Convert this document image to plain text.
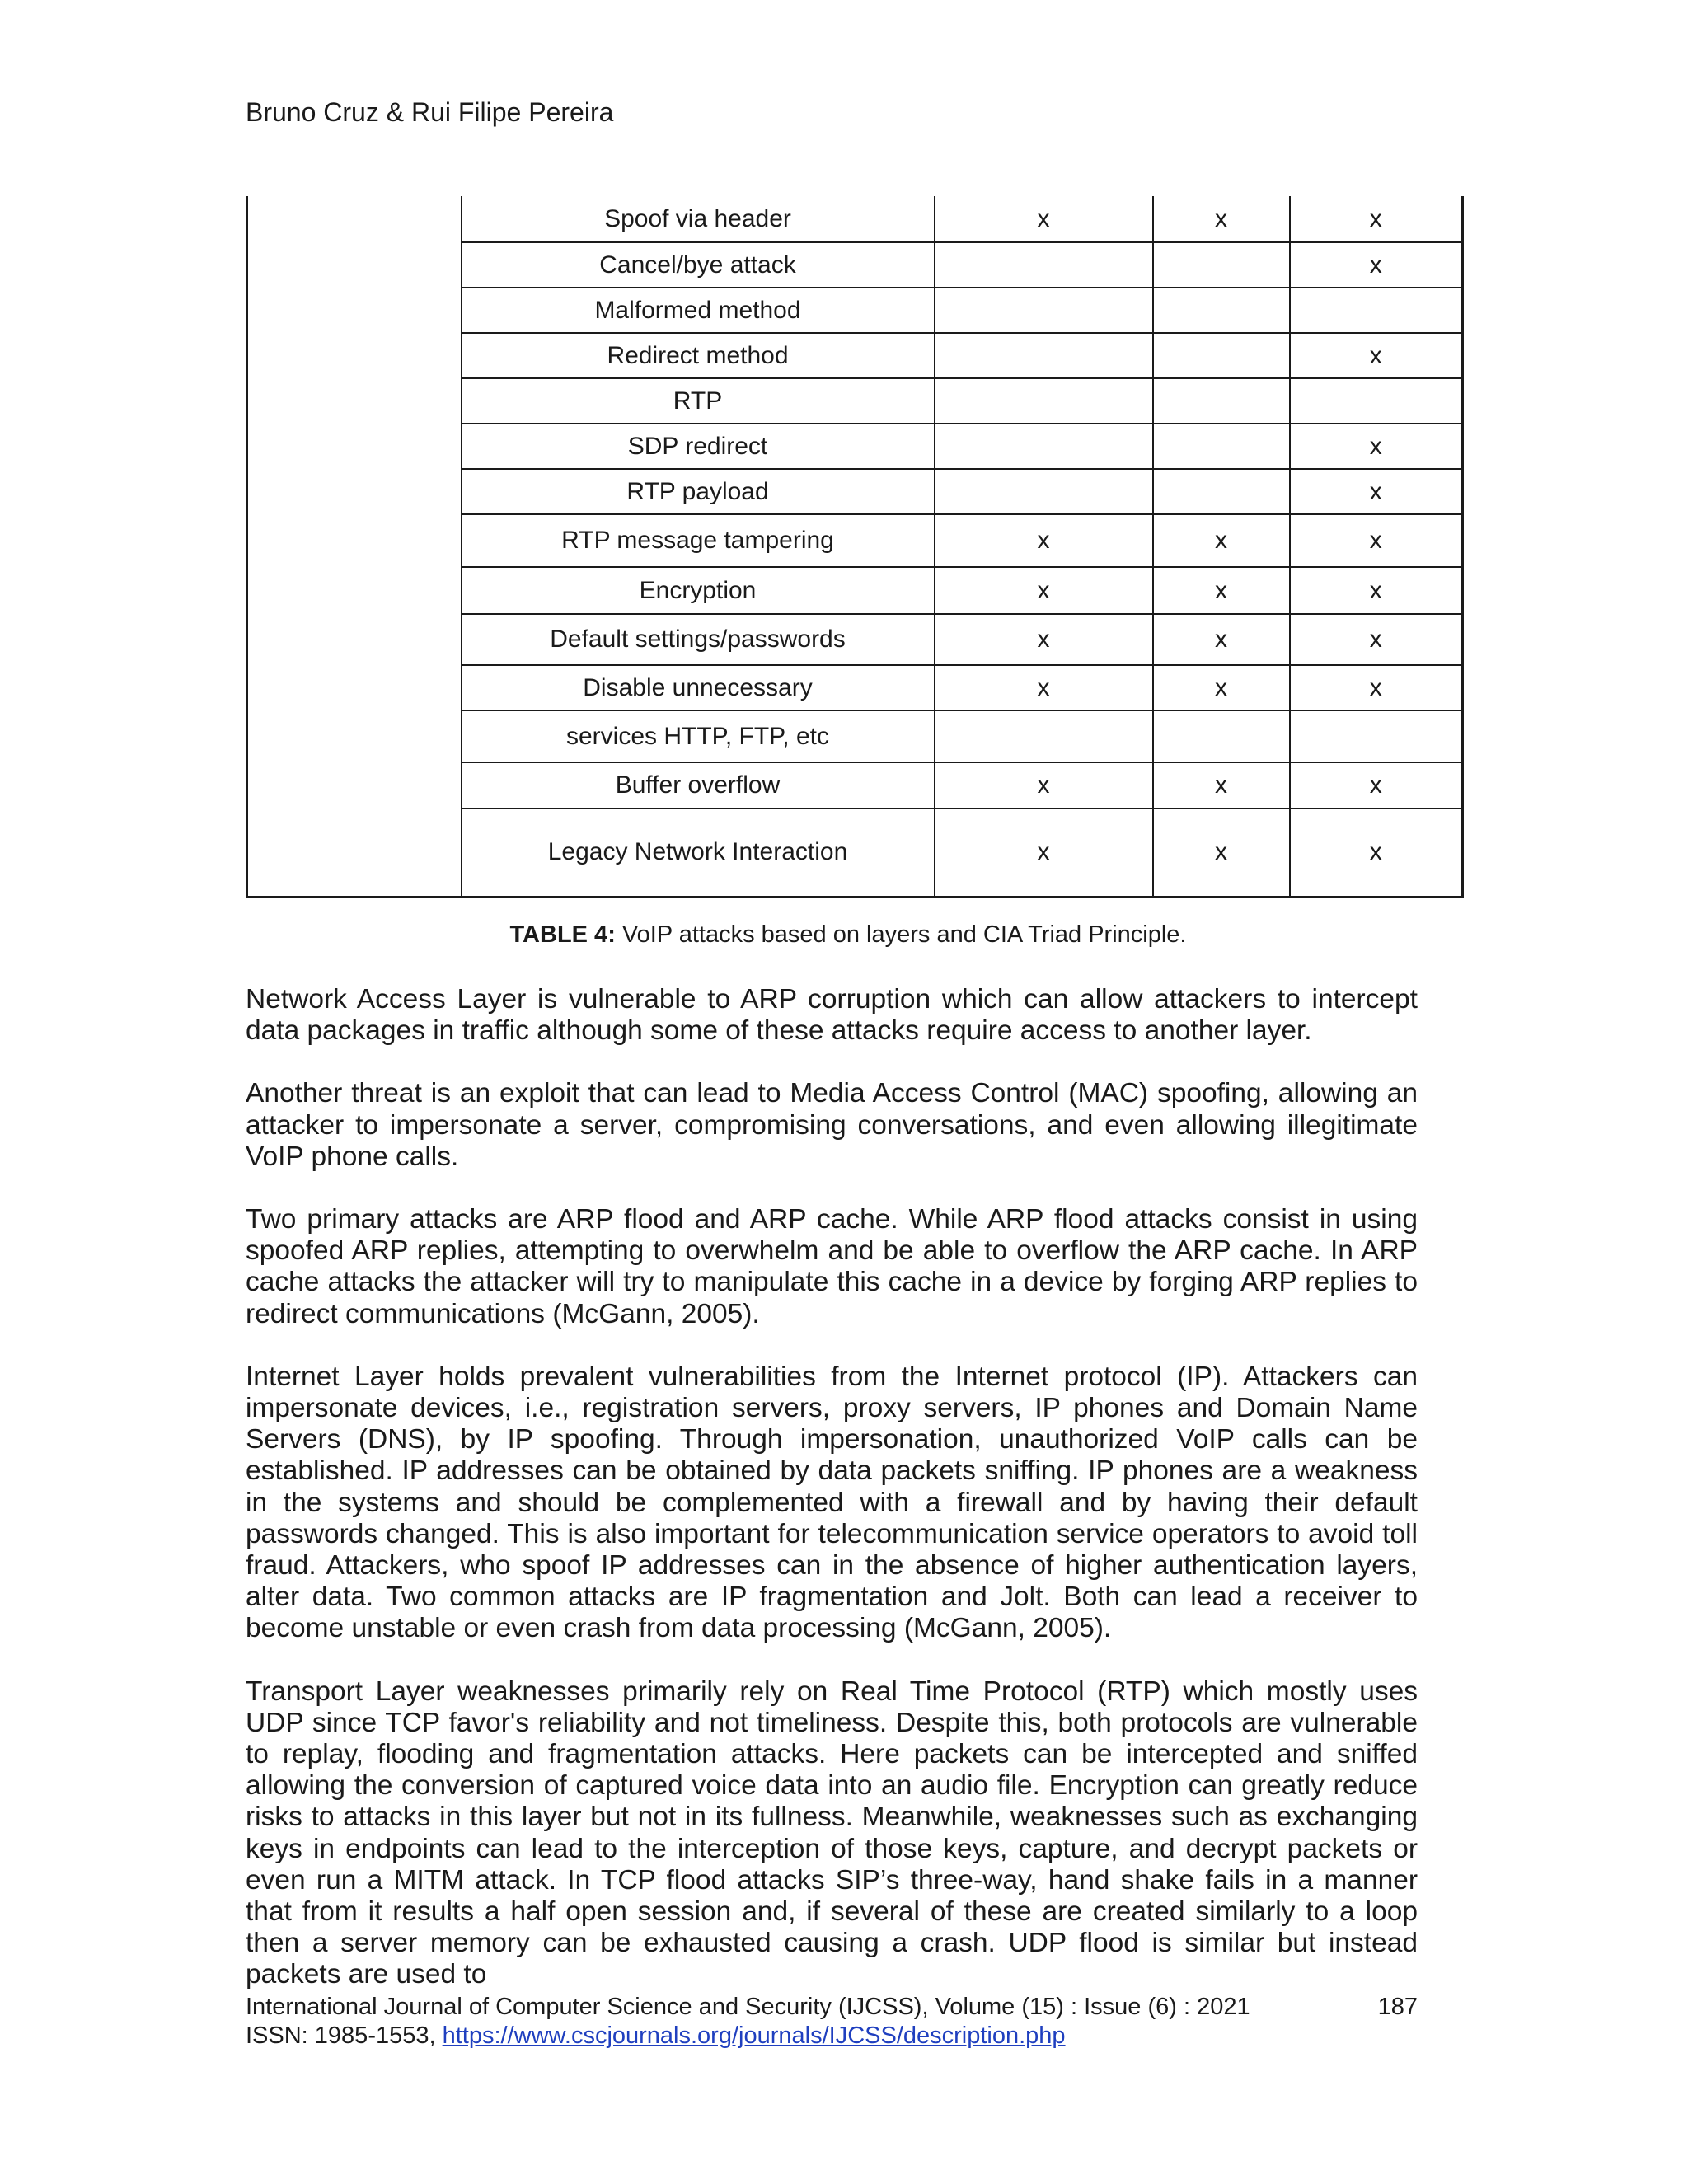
Bruno Cruz & Rui Filipe Pereira
	Spoof via header	x	x	x
	Cancel/bye attack			x
	Malformed method			
	Redirect method			x
	RTP			
	SDP redirect			x
	RTP payload			x
	RTP message tampering	x	x	x
	Encryption	x	x	x
	Default settings/passwords	x	x	x
	Disable unnecessary	x	x	x
	services HTTP, FTP, etc			
	Buffer overflow	x	x	x
	Legacy Network Interaction	x	x	x
TABLE 4: VoIP attacks based on layers and CIA Triad Principle.

Network Access Layer is vulnerable to ARP corruption which can allow attackers to intercept data packages in traffic although some of these attacks require access to another layer.

Another threat is an exploit that can lead to Media Access Control (MAC) spoofing, allowing an attacker to impersonate a server, compromising conversations, and even allowing illegitimate VoIP phone calls.

Two primary attacks are ARP flood and ARP cache. While ARP flood attacks consist in using spoofed ARP replies, attempting to overwhelm and be able to overflow the ARP cache. In ARP cache attacks the attacker will try to manipulate this cache in a device by forging ARP replies to redirect communications (McGann, 2005).

Internet Layer holds prevalent vulnerabilities from the Internet protocol (IP). Attackers can impersonate devices, i.e., registration servers, proxy servers, IP phones and Domain Name Servers (DNS), by IP spoofing. Through impersonation, unauthorized VoIP calls can be established. IP addresses can be obtained by data packets sniffing. IP phones are a weakness in the systems and should be complemented with a firewall and by having their default passwords changed. This is also important for telecommunication service operators to avoid toll fraud. Attackers, who spoof IP addresses can in the absence of higher authentication layers, alter data. Two common attacks are IP fragmentation and Jolt. Both can lead a receiver to become unstable or even crash from data processing (McGann, 2005).

Transport Layer weaknesses primarily rely on Real Time Protocol (RTP) which mostly uses UDP since TCP favor's reliability and not timeliness. Despite this, both protocols are vulnerable to replay, flooding and fragmentation attacks. Here packets can be intercepted and sniffed allowing the conversion of captured voice data into an audio file. Encryption can greatly reduce risks to attacks in this layer but not in its fullness. Meanwhile, weaknesses such as exchanging keys in endpoints can lead to the interception of those keys, capture, and decrypt packets or even run a MITM attack. In TCP flood attacks SIP’s three-way, hand shake fails in a manner that from it results a half open session and, if several of these are created similarly to a loop then a server memory can be exhausted causing a crash. UDP flood is similar but instead packets are used to

International Journal of Computer Science and Security (IJCSS), Volume (15) : Issue (6) : 2021	187
ISSN: 1985-1553, https://www.cscjournals.org/journals/IJCSS/description.php
